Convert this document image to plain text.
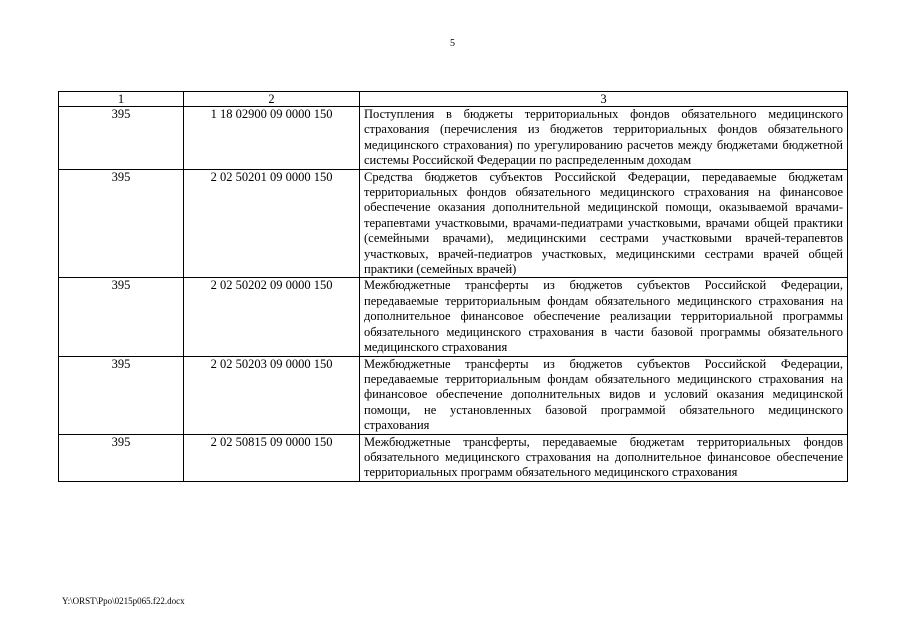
5
1	2	3
395	1 18 02900 09 0000 150	Поступления в бюджеты территориальных фондов обязательного медицинского страхования (перечисления из бюджетов территориальных фондов обязательного медицинского страхования) по урегулированию расчетов между бюджетами бюджетной системы Российской Федерации по распределенным доходам
395	2 02 50201 09 0000 150	Средства бюджетов субъектов Российской Федерации, передаваемые бюджетам территориальных фондов обязательного медицинского страхования на финансовое обеспечение оказания дополнительной медицинской помощи, оказываемой врачами-терапевтами участковыми, врачами-педиатрами участковыми, врачами общей практики (семейными врачами), медицинскими сестрами участковыми врачей-терапевтов участковых, врачей-педиатров участковых, медицинскими сестрами врачей общей практики (семейных врачей)
395	2 02 50202 09 0000 150	Межбюджетные трансферты из бюджетов субъектов Российской Федерации, передаваемые территориальным фондам обязательного медицинского страхования на дополнительное финансовое обеспечение реализации территориальной программы обязательного медицинского страхования в части базовой программы обязательного медицинского страхования
395	2 02 50203 09 0000 150	Межбюджетные трансферты из бюджетов субъектов Российской Федерации, передаваемые территориальным фондам обязательного медицинского страхования на финансовое обеспечение дополнительных видов и условий оказания медицинской помощи, не установленных базовой программой обязательного медицинского страхования
395	2 02 50815 09 0000 150	Межбюджетные трансферты, передаваемые бюджетам территориальных фондов обязательного медицинского страхования на дополнительное финансовое обеспечение территориальных программ обязательного медицинского страхования
Y:\ORST\Ppo\0215p065.f22.docx
